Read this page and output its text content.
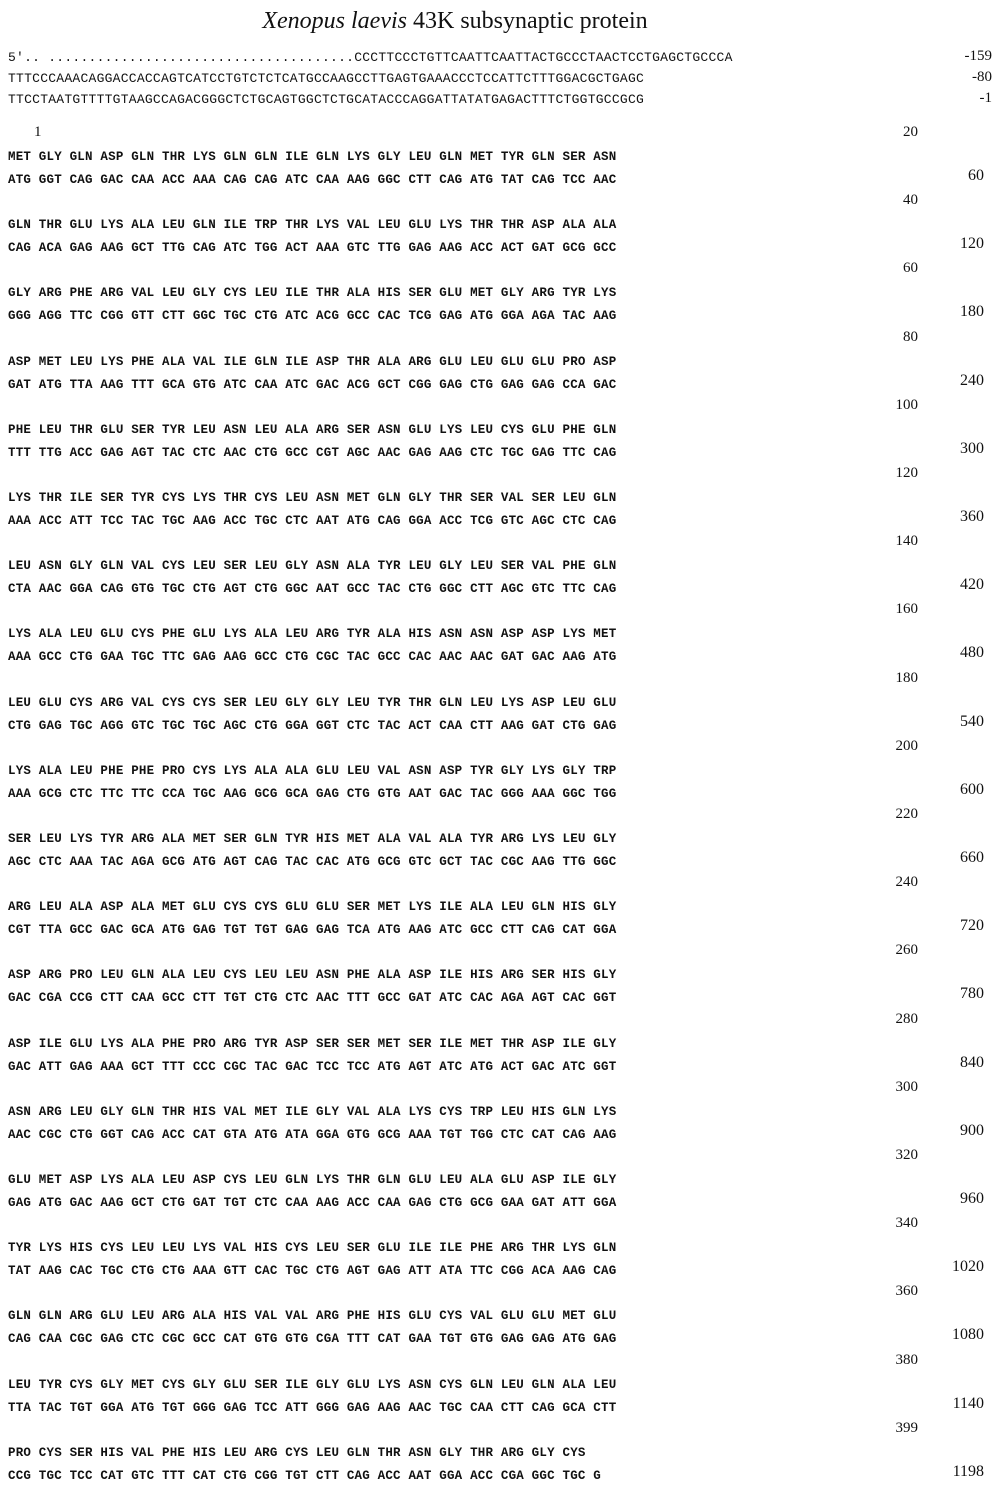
Xenopus laevis 43K subsynaptic protein
5'.. ......................................CCCTTCCCTGTTCAATTCAATTACTGCCCTAACTCCTGAGCTGCCCA	-159
TTTCCCAAACAGGACCACCAGTCATCCTGTCTCTCATGCCAAGCCTTGAGTGAAACCCTCCATTCTTTGGACGCTGAGC	-80
TTCCTAATGTTTTGTAAGCCAGACGGGCTCTGCAGTGGCTCTGCATACCCAGGATTATATGAGACTTTCTGGTGCCGCG	-1
1	20
MET GLY GLN ASP GLN THR LYS GLN GLN ILE GLN LYS GLY LEU GLN MET TYR GLN SER ASN
ATG GGT CAG GAC CAA ACC AAA CAG CAG ATC CAA AAG GGC CTT CAG ATG TAT CAG TCC AAC	60
40
GLN THR GLU LYS ALA LEU GLN ILE TRP THR LYS VAL LEU GLU LYS THR THR ASP ALA ALA
CAG ACA GAG AAG GCT TTG CAG ATC TGG ACT AAA GTC TTG GAG AAG ACC ACT GAT GCG GCC	120
60
GLY ARG PHE ARG VAL LEU GLY CYS LEU ILE THR ALA HIS SER GLU MET GLY ARG TYR LYS
GGG AGG TTC CGG GTT CTT GGC TGC CTG ATC ACG GCC CAC TCG GAG ATG GGA AGA TAC AAG	180
80
ASP MET LEU LYS PHE ALA VAL ILE GLN ILE ASP THR ALA ARG GLU LEU GLU GLU PRO ASP
GAT ATG TTA AAG TTT GCA GTG ATC CAA ATC GAC ACG GCT CGG GAG CTG GAG GAG CCA GAC	240
100
PHE LEU THR GLU SER TYR LEU ASN LEU ALA ARG SER ASN GLU LYS LEU CYS GLU PHE GLN
TTT TTG ACC GAG AGT TAC CTC AAC CTG GCC CGT AGC AAC GAG AAG CTC TGC GAG TTC CAG	300
120
LYS THR ILE SER TYR CYS LYS THR CYS LEU ASN MET GLN GLY THR SER VAL SER LEU GLN
AAA ACC ATT TCC TAC TGC AAG ACC TGC CTC AAT ATG CAG GGA ACC TCG GTC AGC CTC CAG	360
140
LEU ASN GLY GLN VAL CYS LEU SER LEU GLY ASN ALA TYR LEU GLY LEU SER VAL PHE GLN
CTA AAC GGA CAG GTG TGC CTG AGT CTG GGC AAT GCC TAC CTG GGC CTT AGC GTC TTC CAG	420
160
LYS ALA LEU GLU CYS PHE GLU LYS ALA LEU ARG TYR ALA HIS ASN ASN ASP ASP LYS MET
AAA GCC CTG GAA TGC TTC GAG AAG GCC CTG CGC TAC GCC CAC AAC AAC GAT GAC AAG ATG	480
180
LEU GLU CYS ARG VAL CYS CYS SER LEU GLY GLY LEU TYR THR GLN LEU LYS ASP LEU GLU
CTG GAG TGC AGG GTC TGC TGC AGC CTG GGA GGT CTC TAC ACT CAA CTT AAG GAT CTG GAG	540
200
LYS ALA LEU PHE PHE PRO CYS LYS ALA ALA GLU LEU VAL ASN ASP TYR GLY LYS GLY TRP
AAA GCG CTC TTC TTC CCA TGC AAG GCG GCA GAG CTG GTG AAT GAC TAC GGG AAA GGC TGG	600
220
SER LEU LYS TYR ARG ALA MET SER GLN TYR HIS MET ALA VAL ALA TYR ARG LYS LEU GLY
AGC CTC AAA TAC AGA GCG ATG AGT CAG TAC CAC ATG GCG GTC GCT TAC CGC AAG TTG GGC	660
240
ARG LEU ALA ASP ALA MET GLU CYS CYS GLU GLU SER MET LYS ILE ALA LEU GLN HIS GLY
CGT TTA GCC GAC GCA ATG GAG TGT TGT GAG GAG TCA ATG AAG ATC GCC CTT CAG CAT GGA	720
260
ASP ARG PRO LEU GLN ALA LEU CYS LEU LEU ASN PHE ALA ASP ILE HIS ARG SER HIS GLY
GAC CGA CCG CTT CAA GCC CTT TGT CTG CTC AAC TTT GCC GAT ATC CAC AGA AGT CAC GGT	780
280
ASP ILE GLU LYS ALA PHE PRO ARG TYR ASP SER SER MET SER ILE MET THR ASP ILE GLY
GAC ATT GAG AAA GCT TTT CCC CGC TAC GAC TCC TCC ATG AGT ATC ATG ACT GAC ATC GGT	840
300
ASN ARG LEU GLY GLN THR HIS VAL MET ILE GLY VAL ALA LYS CYS TRP LEU HIS GLN LYS
AAC CGC CTG GGT CAG ACC CAT GTA ATG ATA GGA GTG GCG AAA TGT TGG CTC CAT CAG AAG	900
320
GLU MET ASP LYS ALA LEU ASP CYS LEU GLN LYS THR GLN GLU LEU ALA GLU ASP ILE GLY
GAG ATG GAC AAG GCT CTG GAT TGT CTC CAA AAG ACC CAA GAG CTG GCG GAA GAT ATT GGA	960
340
TYR LYS HIS CYS LEU LEU LYS VAL HIS CYS LEU SER GLU ILE ILE PHE ARG THR LYS GLN
TAT AAG CAC TGC CTG CTG AAA GTT CAC TGC CTG AGT GAG ATT ATA TTC CGG ACA AAG CAG	1020
360
GLN GLN ARG GLU LEU ARG ALA HIS VAL VAL ARG PHE HIS GLU CYS VAL GLU GLU MET GLU
CAG CAA CGC GAG CTC CGC GCC CAT GTG GTG CGA TTT CAT GAA TGT GTG GAG GAG ATG GAG	1080
380
LEU TYR CYS GLY MET CYS GLY GLU SER ILE GLY GLU LYS ASN CYS GLN LEU GLN ALA LEU
TTA TAC TGT GGA ATG TGT GGG GAG TCC ATT GGG GAG AAG AAC TGC CAA CTT CAG GCA CTT	1140
399
PRO CYS SER HIS VAL PHE HIS LEU ARG CYS LEU GLN THR ASN GLY THR ARG GLY CYS
CCG TGC TCC CAT GTC TTT CAT CTG CGG TGT CTT CAG ACC AAT GGA ACC CGA GGC TGC G	1198
